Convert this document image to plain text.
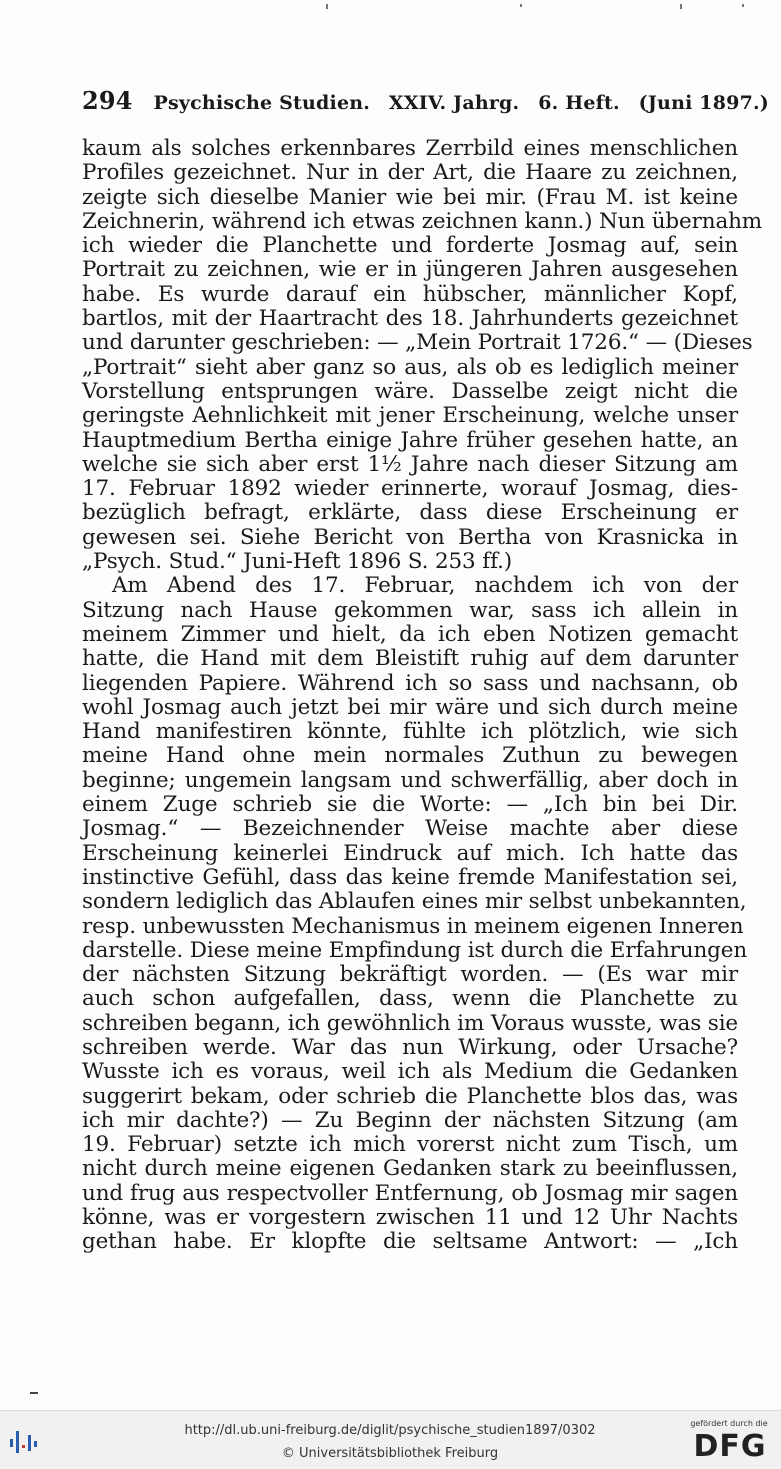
294 Psychische Studien. XXIV. Jahrg. 6. Heft. (Juni 1897.)
kaum als solches erkennbares Zerrbild eines menschlichen
Profiles gezeichnet. Nur in der Art, die Haare zu zeichnen,
zeigte sich dieselbe Manier wie bei mir. (Frau M. ist keine
Zeichnerin, während ich etwas zeichnen kann.) Nun übernahm
ich wieder die Planchette und forderte Josmag auf, sein
Portrait zu zeichnen, wie er in jüngeren Jahren ausgesehen
habe. Es wurde darauf ein hübscher, männlicher Kopf,
bartlos, mit der Haartracht des 18. Jahrhunderts gezeichnet
und darunter geschrieben: — „Mein Portrait 1726.“ — (Dieses
„Portrait“ sieht aber ganz so aus, als ob es lediglich meiner
Vorstellung entsprungen wäre. Dasselbe zeigt nicht die
geringste Aehnlichkeit mit jener Erscheinung, welche unser
Hauptmedium Bertha einige Jahre früher gesehen hatte, an
welche sie sich aber erst 1½ Jahre nach dieser Sitzung am
17. Februar 1892 wieder erinnerte, worauf Josmag, dies-
bezüglich befragt, erklärte, dass diese Erscheinung er
gewesen sei. Siehe Bericht von Bertha von Krasnicka in
„Psych. Stud.“ Juni-Heft 1896 S. 253 ff.)
Am Abend des 17. Februar, nachdem ich von der
Sitzung nach Hause gekommen war, sass ich allein in
meinem Zimmer und hielt, da ich eben Notizen gemacht
hatte, die Hand mit dem Bleistift ruhig auf dem darunter
liegenden Papiere. Während ich so sass und nachsann, ob
wohl Josmag auch jetzt bei mir wäre und sich durch meine
Hand manifestiren könnte, fühlte ich plötzlich, wie sich
meine Hand ohne mein normales Zuthun zu bewegen
beginne; ungemein langsam und schwerfällig, aber doch in
einem Zuge schrieb sie die Worte: — „Ich bin bei Dir.
Josmag.“ — Bezeichnender Weise machte aber diese
Erscheinung keinerlei Eindruck auf mich. Ich hatte das
instinctive Gefühl, dass das keine fremde Manifestation sei,
sondern lediglich das Ablaufen eines mir selbst unbekannten,
resp. unbewussten Mechanismus in meinem eigenen Inneren
darstelle. Diese meine Empfindung ist durch die Erfahrungen
der nächsten Sitzung bekräftigt worden. — (Es war mir
auch schon aufgefallen, dass, wenn die Planchette zu
schreiben begann, ich gewöhnlich im Voraus wusste, was sie
schreiben werde. War das nun Wirkung, oder Ursache?
Wusste ich es voraus, weil ich als Medium die Gedanken
suggerirt bekam, oder schrieb die Planchette blos das, was
ich mir dachte?) — Zu Beginn der nächsten Sitzung (am
19. Februar) setzte ich mich vorerst nicht zum Tisch, um
nicht durch meine eigenen Gedanken stark zu beeinflussen,
und frug aus respectvoller Entfernung, ob Josmag mir sagen
könne, was er vorgestern zwischen 11 und 12 Uhr Nachts
gethan habe. Er klopfte die seltsame Antwort: — „Ich
http://dl.ub.uni-freiburg.de/diglit/psychische_studien1897/0302
© Universitätsbibliothek Freiburg
gefördert durch die
DFG
